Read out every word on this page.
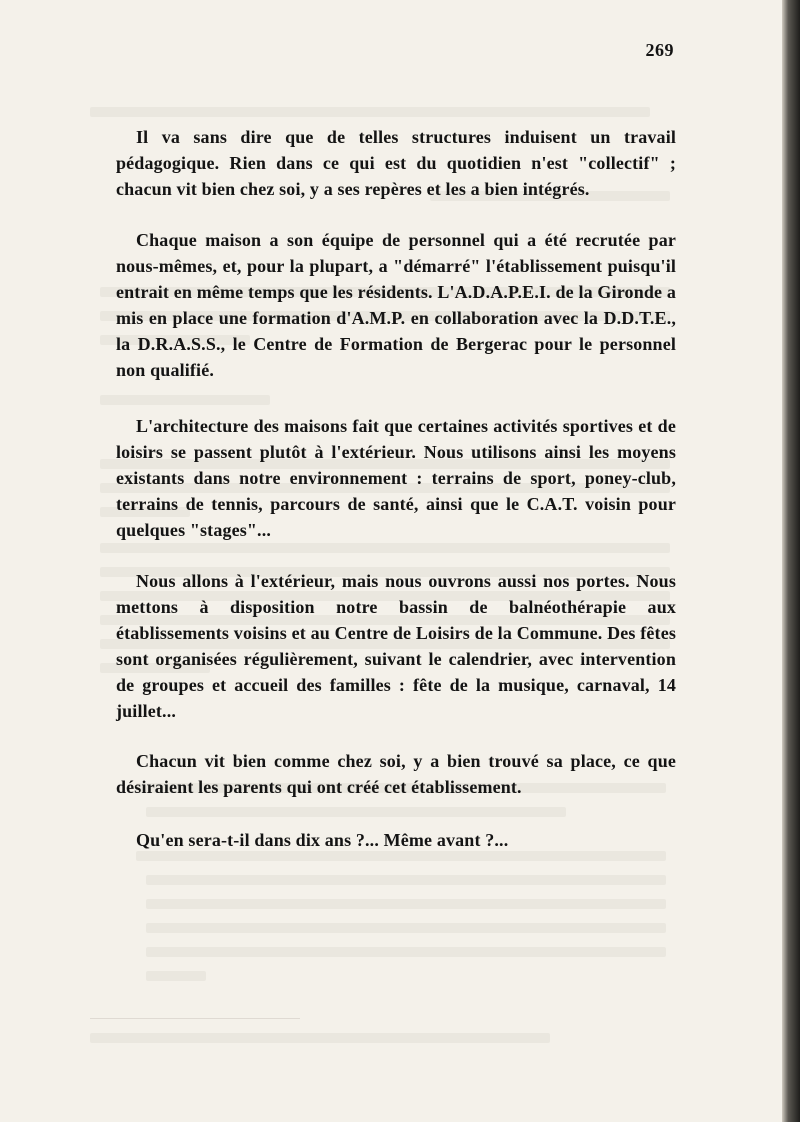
269

Il va sans dire que de telles structures induisent un travail pédagogique. Rien dans ce qui est du quotidien n'est "collectif" ; chacun vit bien chez soi, y a ses repères et les a bien intégrés.

Chaque maison a son équipe de personnel qui a été recrutée par nous-mêmes, et, pour la plupart, a "démarré" l'établissement puisqu'il entrait en même temps que les résidents. L'A.D.A.P.E.I. de la Gironde a mis en place une formation d'A.M.P. en collaboration avec la D.D.T.E., la D.R.A.S.S., le Centre de Formation de Bergerac pour le personnel non qualifié.

L'architecture des maisons fait que certaines activités sportives et de loisirs se passent plutôt à l'extérieur. Nous utilisons ainsi les moyens existants dans notre environnement : terrains de sport, poney-club, terrains de tennis, parcours de santé, ainsi que le C.A.T. voisin pour quelques "stages"...

Nous allons à l'extérieur, mais nous ouvrons aussi nos portes. Nous mettons à disposition notre bassin de balnéothérapie aux établissements voisins et au Centre de Loisirs de la Commune. Des fêtes sont organisées régulièrement, suivant le calendrier, avec intervention de groupes et accueil des familles : fête de la musique, carnaval, 14 juillet...

Chacun vit bien comme chez soi, y a bien trouvé sa place, ce que désiraient les parents qui ont créé cet établissement.

Qu'en sera-t-il dans dix ans ?... Même avant ?...
